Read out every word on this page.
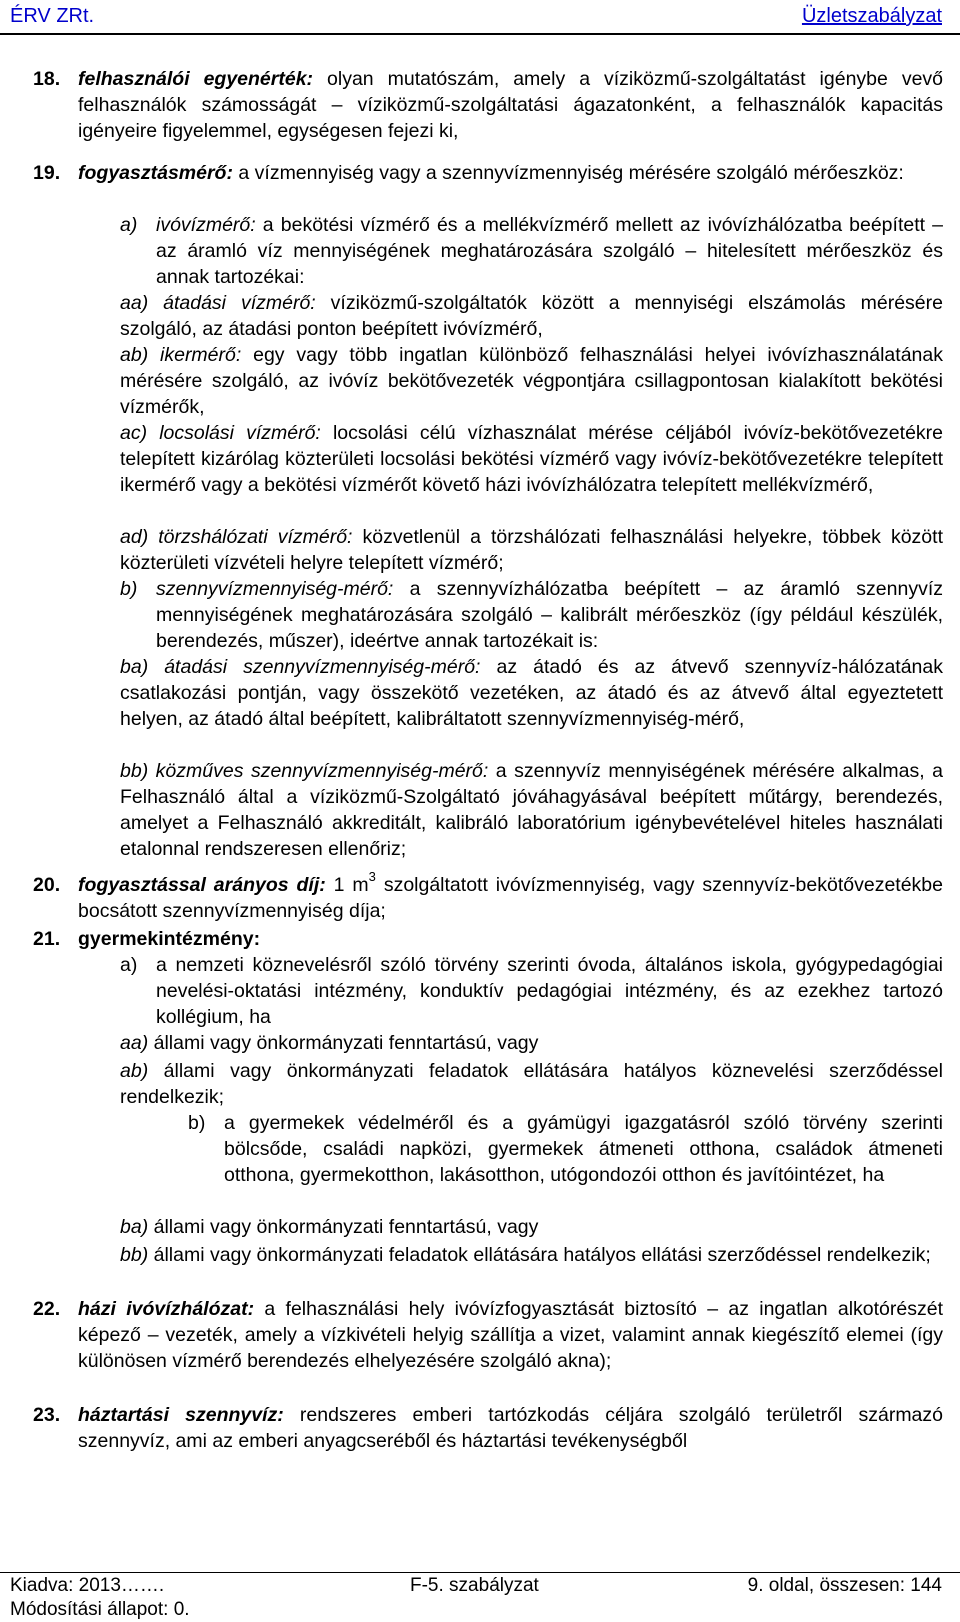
ÉRV ZRt.	Üzletszabályzat
18. felhasználói egyenérték: olyan mutatószám, amely a víziközmű-szolgáltatást igénybe vevő felhasználók számosságát – víziközmű-szolgáltatási ágazatonként, a felhasználók kapacitás igényeire figyelemmel, egységesen fejezi ki,
19. fogyasztásmérő: a vízmennyiség vagy a szennyvízmennyiség mérésére szolgáló mérőeszköz:
a) ivóvízmérő: a bekötési vízmérő és a mellékvízmérő mellett az ivóvízhálózatba beépített – az áramló víz mennyiségének meghatározására szolgáló – hitelesített mérőeszköz és annak tartozékai:
aa) átadási vízmérő: víziközmű-szolgáltatók között a mennyiségi elszámolás mérésére szolgáló, az átadási ponton beépített ivóvízmérő,
ab) ikermérő: egy vagy több ingatlan különböző felhasználási helyei ivóvízhasználatának mérésére szolgáló, az ivóvíz bekötővezeték végpontjára csillagpontosan kialakított bekötési vízmérők,
ac) locsolási vízmérő: locsolási célú vízhasználat mérése céljából ivóvíz-bekötővezetékre telepített kizárólag közterületi locsolási bekötési vízmérő vagy ivóvíz-bekötővezetékre telepített ikermérő vagy a bekötési vízmérőt követő házi ivóvízhálózatra telepített mellékvízmérő,
ad) törzshálózati vízmérő: közvetlenül a törzshálózati felhasználási helyekre, többek között közterületi vízvételi helyre telepített vízmérő;
b) szennyvízmennyiség-mérő: a szennyvízhálózatba beépített – az áramló szennyvíz mennyiségének meghatározására szolgáló – kalibrált mérőeszköz (így például készülék, berendezés, műszer), ideértve annak tartozékait is:
ba) átadási szennyvízmennyiség-mérő: az átadó és az átvevő szennyvíz-hálózatának csatlakozási pontján, vagy összekötő vezetéken, az átadó és az átvevő által egyeztetett helyen, az átadó által beépített, kalibráltatott szennyvízmennyiség-mérő,
bb) közműves szennyvízmennyiség-mérő: a szennyvíz mennyiségének mérésére alkalmas, a Felhasználó által a víziközmű-Szolgáltató jóváhagyásával beépített műtárgy, berendezés, amelyet a Felhasználó akkreditált, kalibráló laboratórium igénybevételével hiteles használati etalonnal rendszeresen ellenőriz;
20. fogyasztással arányos díj: 1 $m^3$ szolgáltatott ivóvízmennyiség, vagy szennyvíz-bekötővezetékbe bocsátott szennyvízmennyiség díja;
21. gyermekintézmény:
a) a nemzeti köznevelésről szóló törvény szerinti óvoda, általános iskola, gyógypedagógiai nevelési-oktatási intézmény, konduktív pedagógiai intézmény, és az ezekhez tartozó kollégium, ha
aa) állami vagy önkormányzati fenntartású, vagy
ab) állami vagy önkormányzati feladatok ellátására hatályos köznevelési szerződéssel rendelkezik;
b) a gyermekek védelméről és a gyámügyi igazgatásról szóló törvény szerinti bölcsőde, családi napközi, gyermekek átmeneti otthona, családok átmeneti otthona, gyermekotthon, lakásotthon, utógondozói otthon és javítóintézet, ha
ba) állami vagy önkormányzati fenntartású, vagy
bb) állami vagy önkormányzati feladatok ellátására hatályos ellátási szerződéssel rendelkezik;
22. házi ivóvízhálózat: a felhasználási hely ivóvízfogyasztását biztosító – az ingatlan alkotórészét képező – vezeték, amely a vízkivételi helyig szállítja a vizet, valamint annak kiegészítő elemei (így különösen vízmérő berendezés elhelyezésére szolgáló akna);
23. háztartási szennyvíz: rendszeres emberi tartózkodás céljára szolgáló területről származó szennyvíz, ami az emberi anyagcseréből és háztartási tevékenységből
Kiadva: 2013…….	F-5. szabályzat	9. oldal, összesen: 144
Módosítási állapot: 0.
